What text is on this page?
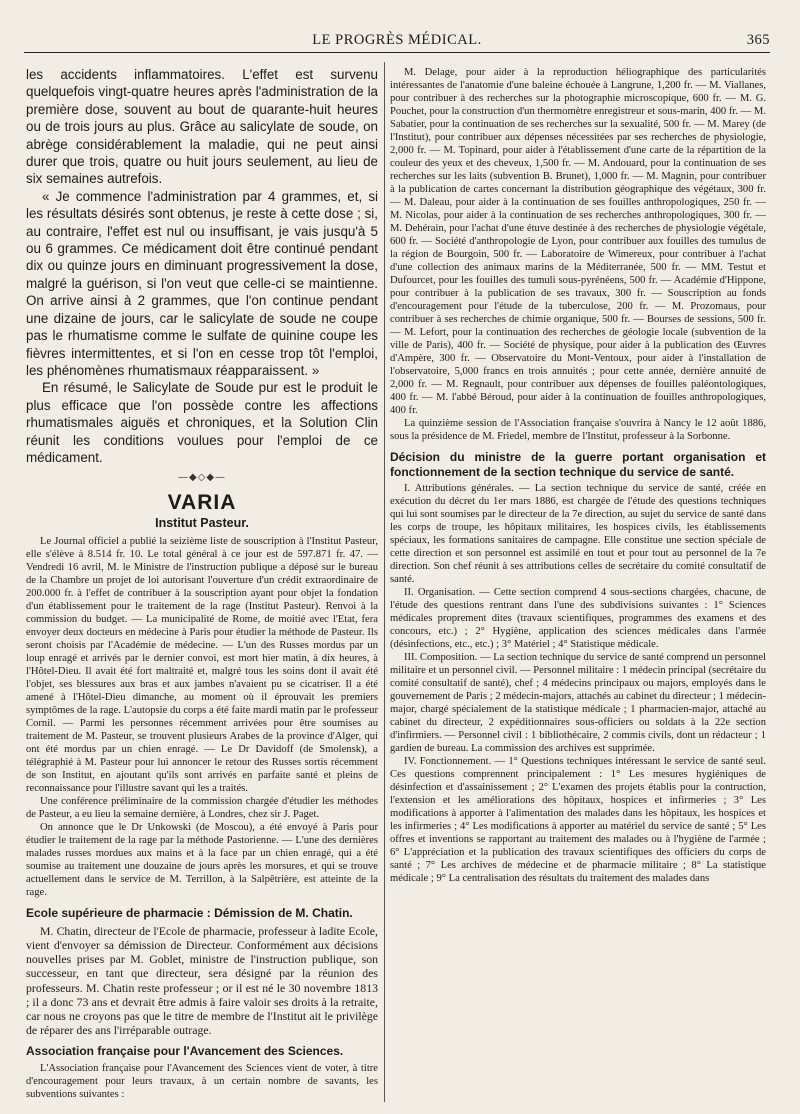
LE PROGRÈS MÉDICAL.	365

les accidents inflammatoires. L'effet est survenu quelquefois vingt-quatre heures après l'administration de la première dose, souvent au bout de quarante-huit heures ou de trois jours au plus. Grâce au salicylate de soude, on abrège considérablement la maladie, qui ne peut ainsi durer que trois, quatre ou huit jours seulement, au lieu de six semaines autrefois.

« Je commence l'administration par 4 grammes, et, si les résultats désirés sont obtenus, je reste à cette dose ; si, au contraire, l'effet est nul ou insuffisant, je vais jusqu'à 5 ou 6 grammes. Ce médicament doit être continué pendant dix ou quinze jours en diminuant progressivement la dose, malgré la guérison, si l'on veut que celle-ci se maintienne. On arrive ainsi à 2 grammes, que l'on continue pendant une dizaine de jours, car le salicylate de soude ne coupe pas le rhumatisme comme le sulfate de quinine coupe les fièvres intermittentes, et si l'on en cesse trop tôt l'emploi, les phénomènes rhumatismaux réapparaissent. »

En résumé, le Salicylate de Soude pur est le produit le plus efficace que l'on possède contre les affections rhumatismales aiguës et chroniques, et la Solution Clin réunit les conditions voulues pour l'emploi de ce médicament.

—◆◇◆—
VARIA
Institut Pasteur.

Le Journal officiel a publié la seizième liste de souscription à l'Institut Pasteur, elle s'élève à 8.514 fr. 10. Le total général à ce jour est de 597.871 fr. 47. — Vendredi 16 avril, M. le Ministre de l'instruction publique a déposé sur le bureau de la Chambre un projet de loi autorisant l'ouverture d'un crédit extraordinaire de 200.000 fr. à l'effet de contribuer à la souscription ayant pour objet la fondation d'un établissement pour le traitement de la rage (Institut Pasteur). Renvoi à la commission du budget. — La municipalité de Rome, de moitié avec l'Etat, fera envoyer deux docteurs en médecine à Paris pour étudier la méthode de Pasteur. Ils seront choisis par l'Académie de médecine. — L'un des Russes mordus par un loup enragé et arrivés par le dernier convoi, est mort hier matin, à dix heures, à l'Hôtel-Dieu. Il avait été fort maltraité et, malgré tous les soins dont il avait été l'objet, ses blessures aux bras et aux jambes n'avaient pu se cicatriser. Il a été amené à l'Hôtel-Dieu dimanche, au moment où il éprouvait les premiers symptômes de la rage. L'autopsie du corps a été faite mardi matin par le professeur Cornil. — Parmi les personnes récemment arrivées pour être soumises au traitement de M. Pasteur, se trouvent plusieurs Arabes de la province d'Alger, qui ont été mordus par un chien enragé. — Le Dr Davidoff (de Smolensk), a télégraphié à M. Pasteur pour lui annoncer le retour des Russes sortis récemment de son Institut, en ajoutant qu'ils sont arrivés en parfaite santé et pleins de reconnaissance pour l'illustre savant qui les a traités.

Une conférence préliminaire de la commission chargée d'étudier les méthodes de Pasteur, a eu lieu la semaine dernière, à Londres, chez sir J. Paget.

On annonce que le Dr Unkowski (de Moscou), a été envoyé à Paris pour étudier le traitement de la rage par la méthode Pastorienne. — L'une des dernières malades russes mordues aux mains et à la face par un chien enragé, qui a été soumise au traitement une douzaine de jours après les morsures, et qui se trouve actuellement dans le service de M. Terrillon, à la Salpêtrière, est atteinte de la rage.

Ecole supérieure de pharmacie : Démission de M. Chatin.

M. Chatin, directeur de l'Ecole de pharmacie, professeur à ladite Ecole, vient d'envoyer sa démission de Directeur. Conformément aux décisions nouvelles prises par M. Goblet, ministre de l'instruction publique, son successeur, en tant que directeur, sera désigné par la réunion des professeurs. M. Chatin reste professeur ; or il est né le 30 novembre 1813 ; il a donc 73 ans et devrait être admis à faire valoir ses droits à la retraite, car nous ne croyons pas que le titre de membre de l'Institut ait le privilège de réparer des ans l'irréparable outrage.

Association française pour l'Avancement des Sciences.

L'Association française pour l'Avancement des Sciences vient de voter, à titre d'encouragement pour leurs travaux, à un certain nombre de savants, les subventions suivantes :

M. Delage, pour aider à la reproduction héliographique des particularités intéressantes de l'anatomie d'une baleine échouée à Langrune, 1,200 fr. — M. Viallanes, pour contribuer à des recherches sur la photographie microscopique, 600 fr. — M. G. Pouchet, pour la construction d'un thermomètre enregistreur et sous-marin, 400 fr. — M. Sabatier, pour la continuation de ses recherches sur la sexualité, 500 fr. — M. Marey (de l'Institut), pour contribuer aux dépenses nécessitées par ses recherches de physiologie, 2,000 fr. — M. Topinard, pour aider à l'établissement d'une carte de la répartition de la couleur des yeux et des cheveux, 1,500 fr. — M. Andouard, pour la continuation de ses recherches sur les laits (subvention B. Brunet), 1,000 fr. — M. Magnin, pour contribuer à la publication de cartes concernant la distribution géographique des végétaux, 300 fr. — M. Daleau, pour aider à la continuation de ses fouilles anthropologiques, 250 fr. — M. Nicolas, pour aider à la continuation de ses recherches anthropologiques, 300 fr. — M. Dehérain, pour l'achat d'une étuve destinée à des recherches de physiologie végétale, 600 fr. — Société d'anthropologie de Lyon, pour contribuer aux fouilles des tumulus de la région de Bourgoin, 500 fr. — Laboratoire de Wimereux, pour contribuer à l'achat d'une collection des animaux marins de la Méditerranée, 500 fr. — MM. Testut et Dufourcet, pour les fouilles des tumuli sous-pyrénéens, 500 fr. — Académie d'Hippone, pour contribuer à la publication de ses travaux, 300 fr. — Souscription au fonds d'encouragement pour l'étude de la tuberculose, 200 fr. — M. Prozomaus, pour contribuer à ses recherches de chimie organique, 500 fr. — Bourses de sessions, 500 fr. — M. Lefort, pour la continuation des recherches de géologie locale (subvention de la ville de Paris), 400 fr. — Société de physique, pour aider à la publication des Œuvres d'Ampère, 300 fr. — Observatoire du Mont-Ventoux, pour aider à l'installation de l'observatoire, 5,000 francs en trois annuités ; pour cette année, dernière annuité de 2,000 fr. — M. Regnault, pour contribuer aux dépenses de fouilles paléontologiques, 400 fr. — M. l'abbé Béroud, pour aider à la continuation de fouilles anthropologiques, 400 fr.

La quinzième session de l'Association française s'ouvrira à Nancy le 12 août 1886, sous la présidence de M. Friedel, membre de l'Institut, professeur à la Sorbonne.

Décision du ministre de la guerre portant organisation et fonctionnement de la section technique du service de santé.

I. Attributions générales. — La section technique du service de santé, créée en exécution du décret du 1er mars 1886, est chargée de l'étude des questions techniques qui lui sont soumises par le directeur de la 7e direction, au sujet du service de santé dans les corps de troupe, les hôpitaux militaires, les hospices civils, les établissements spéciaux, les formations sanitaires de campagne. Elle constitue une section spéciale de cette direction et son personnel est assimilé en tout et pour tout au personnel de la 7e direction. Son chef réunit à ses attributions celles de secrétaire du comité consultatif de santé.

II. Organisation. — Cette section comprend 4 sous-sections chargées, chacune, de l'étude des questions rentrant dans l'une des subdivisions suivantes : 1° Sciences médicales proprement dites (travaux scientifiques, programmes des examens et des concours, etc.) ; 2° Hygiène, application des sciences médicales dans l'armée (désinfections, etc., etc.) ; 3° Matériel ; 4° Statistique médicale.

III. Composition. — La section technique du service de santé comprend un personnel militaire et un personnel civil. — Personnel militaire : 1 médecin principal (secrétaire du comité consultatif de santé), chef ; 4 médecins principaux ou majors, employés dans le gouvernement de Paris ; 2 médecin-majors, attachés au cabinet du directeur ; 1 médecin-major, chargé spécialement de la statistique médicale ; 1 pharmacien-major, attaché au cabinet du directeur, 2 expéditionnaires sous-officiers ou soldats à la 22e section d'infirmiers. — Personnel civil : 1 bibliothécaire, 2 commis civils, dont un rédacteur ; 1 gardien de bureau. La commission des archives est supprimée.

IV. Fonctionnement. — 1° Questions techniques intéressant le service de santé seul. Ces questions comprennent principalement : 1° Les mesures hygiéniques de désinfection et d'assainissement ; 2° L'examen des projets établis pour la contruction, l'extension et les améliorations des hôpitaux, hospices et infirmeries ; 3° Les modifications à apporter à l'alimentation des malades dans les hôpitaux, les hospices et les infirmeries ; 4° Les modifications à apporter au matériel du service de santé ; 5° Les offres et inventions se rapportant au traitement des malades ou à l'hygiène de l'armée ; 6° L'appréciation et la publication des travaux scientifiques des officiers du corps de santé ; 7° Les archives de médecine et de pharmacie militaire ; 8° La statistique médicale ; 9° La centralisation des résultats du traitement des malades dans
